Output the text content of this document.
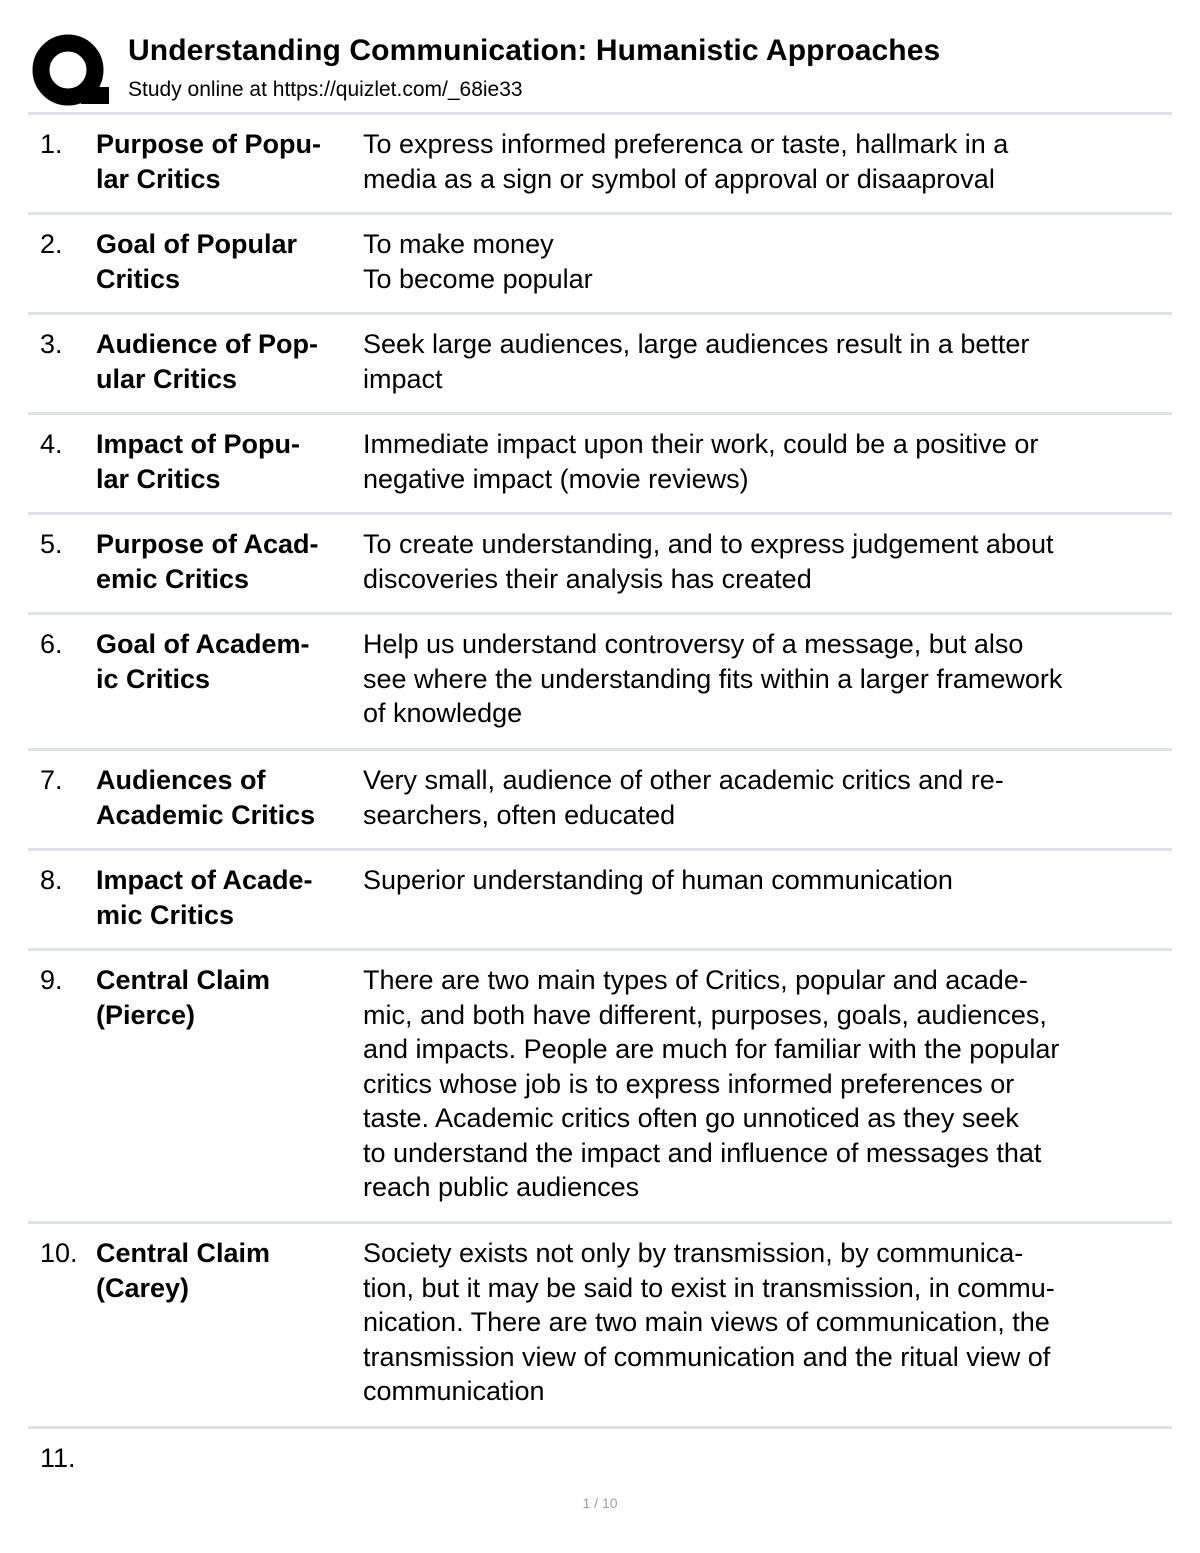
Understanding Communication: Humanistic Approaches
Study online at https://quizlet.com/_68ie33
1. Purpose of Popu-
lar Critics
To express informed preferenca or taste, hallmark in a
media as a sign or symbol of approval or disaaproval
2. Goal of Popular
Critics
To make money
To become popular
3. Audience of Pop-
ular Critics
Seek large audiences, large audiences result in a better
impact
4. Impact of Popu-
lar Critics
Immediate impact upon their work, could be a positive or
negative impact (movie reviews)
5. Purpose of Acad-
emic Critics
To create understanding, and to express judgement about
discoveries their analysis has created
6. Goal of Academ-
ic Critics
Help us understand controversy of a message, but also
see where the understanding fits within a larger framework
of knowledge
7. Audiences of
Academic Critics
Very small, audience of other academic critics and re-
searchers, often educated
8. Impact of Acade-
mic Critics
Superior understanding of human communication
9. Central Claim
(Pierce)
There are two main types of Critics, popular and acade-
mic, and both have different, purposes, goals, audiences,
and impacts. People are much for familiar with the popular
critics whose job is to express informed preferences or
taste. Academic critics often go unnoticed as they seek
to understand the impact and influence of messages that
reach public audiences
10. Central Claim
(Carey)
Society exists not only by transmission, by communica-
tion, but it may be said to exist in transmission, in commu-
nication. There are two main views of communication, the
transmission view of communication and the ritual view of
communication
11.
1 / 10
